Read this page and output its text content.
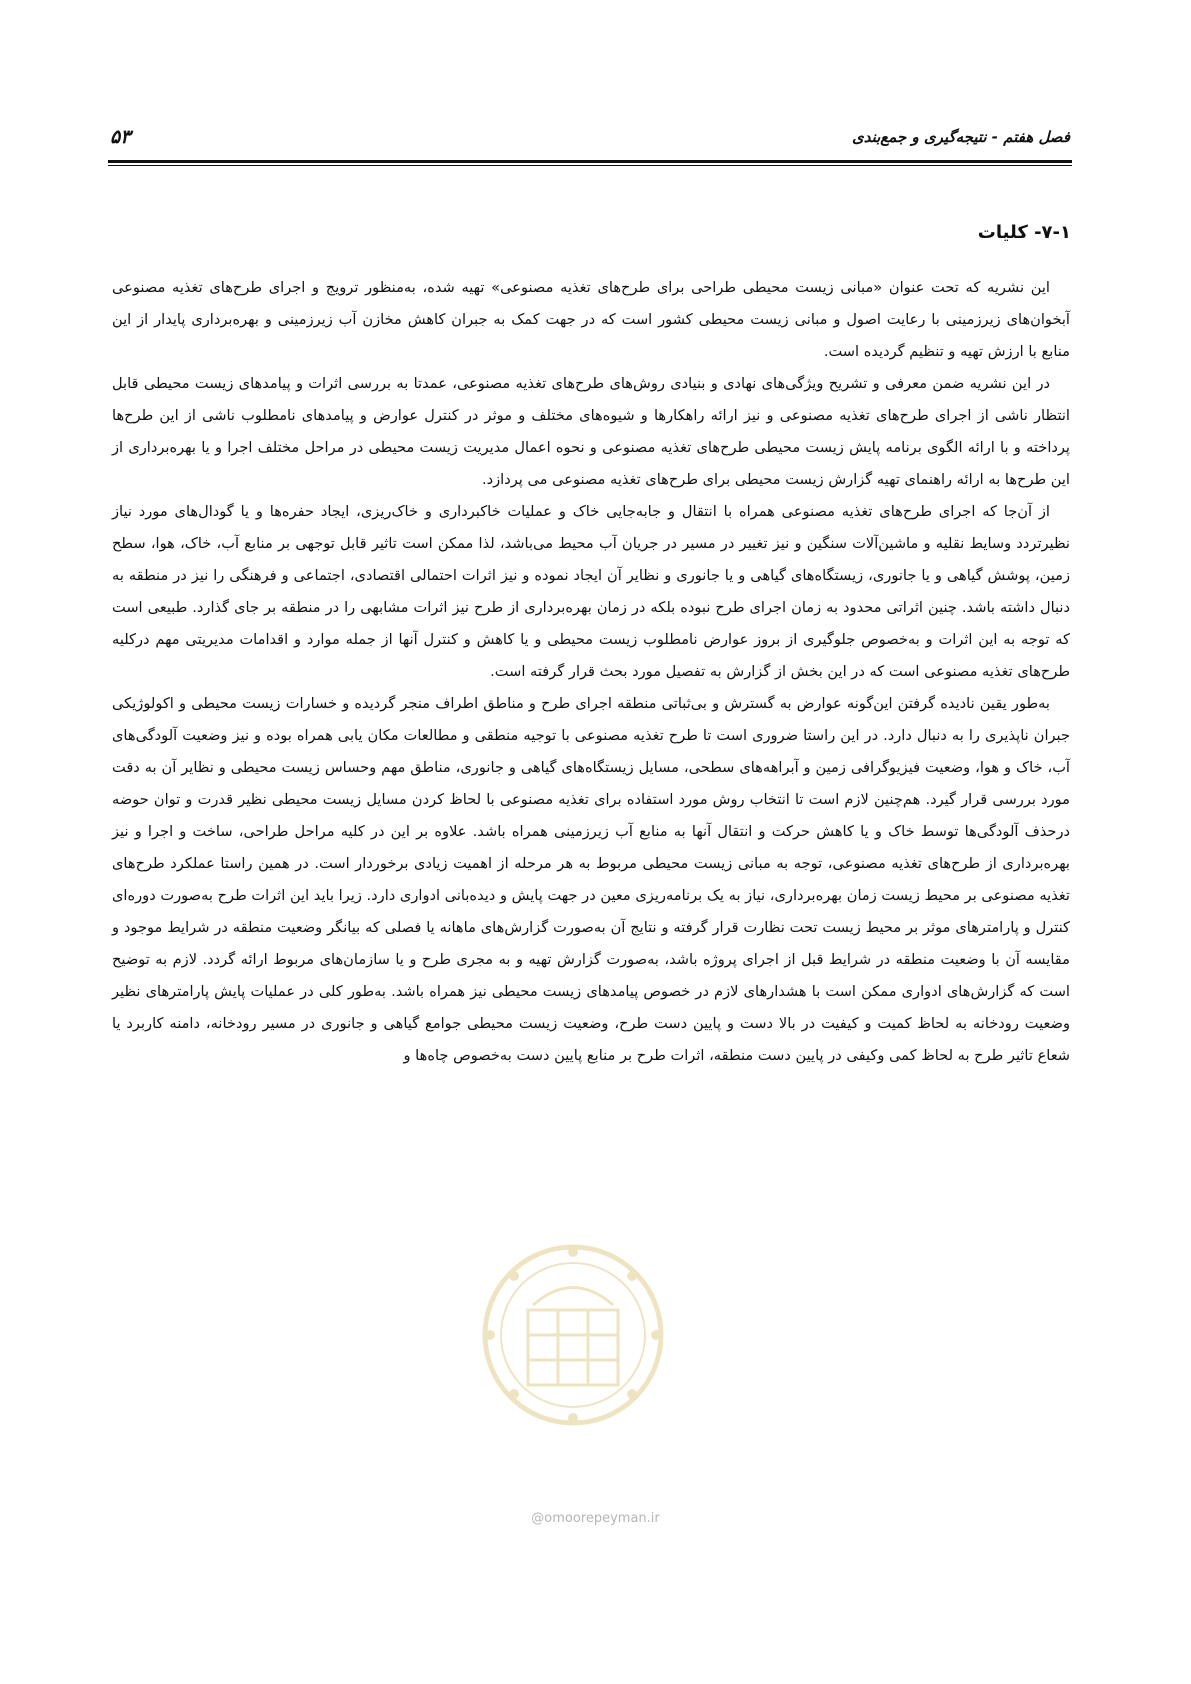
فصل هفتم - نتیجه‌گیری و جمع‌بندی
۵۳
۷-۱- کلیات

این نشریه که تحت عنوان «مبانی زیست محیطی طراحی برای طرح‌های تغذیه مصنوعی» تهیه شده، به‌منظور ترویج و اجرای طرح‌های تغذیه مصنوعی آبخوان‌های زیرزمینی با رعایت اصول و مبانی زیست محیطی کشور است که در جهت کمک به جبران کاهش مخازن آب زیرزمینی و بهره‌برداری پایدار از این منابع با ارزش تهیه و تنظیم گردیده است.

در این نشریه ضمن معرفی و تشریح ویژگی‌های نهادی و بنیادی روش‌های طرح‌های تغذیه مصنوعی، عمدتا به بررسی اثرات و پیامدهای زیست محیطی قابل انتظار ناشی از اجرای طرح‌های تغذیه مصنوعی و نیز ارائه راهکارها و شیوه‌های مختلف و موثر در کنترل عوارض و پیامدهای نامطلوب ناشی از این طرح‌ها پرداخته و با ارائه الگوی برنامه پایش زیست محیطی طرح‌های تغذیه مصنوعی و نحوه اعمال مدیریت زیست محیطی در مراحل مختلف اجرا و یا بهره‌برداری از این طرح‌ها به ارائه راهنمای تهیه گزارش زیست محیطی برای طرح‌های تغذیه مصنوعی می پردازد.

از آن‌جا که اجرای طرح‌های تغذیه مصنوعی همراه با انتقال و جابه‌جایی خاک و عملیات خاکبرداری و خاک‌ریزی، ایجاد حفره‌ها و یا گودال‌های مورد نیاز نظیرتردد وسایط نقلیه و ماشین‌آلات سنگین و نیز تغییر در مسیر در جریان آب محیط می‌باشد، لذا ممکن است تاثیر قابل توجهی بر منابع آب، خاک، هوا، سطح زمین، پوشش گیاهی و یا جانوری، زیستگاه‌های گیاهی و یا جانوری و نظایر آن ایجاد نموده و نیز اثرات احتمالی اقتصادی، اجتماعی و فرهنگی را نیز در منطقه به دنبال داشته باشد. چنین اثراتی محدود به زمان اجرای طرح نبوده بلکه در زمان بهره‌برداری از طرح نیز اثرات مشابهی را در منطقه بر جای گذارد. طبیعی است که توجه به این اثرات و به‌خصوص جلوگیری از بروز عوارض نامطلوب زیست محیطی و یا کاهش و کنترل آنها از جمله موارد و اقدامات مدیریتی مهم درکلیه طرح‌های تغذیه مصنوعی است که در این بخش از گزارش به تفصیل مورد بحث قرار گرفته است.

به‌طور یقین نادیده گرفتن این‌گونه عوارض به گسترش و بی‌ثباتی منطقه اجرای طرح و مناطق اطراف منجر گردیده و خسارات زیست محیطی و اکولوژیکی جبران ناپذیری را به دنبال دارد. در این راستا ضروری است تا طرح تغذیه مصنوعی با توجیه منطقی و مطالعات مکان یابی همراه بوده و نیز وضعیت آلودگی‌های آب، خاک و هوا، وضعیت فیزیوگرافی زمین و آبراهه‌های سطحی، مسایل زیستگاه‌های گیاهی و جانوری، مناطق مهم وحساس زیست محیطی و نظایر آن به دقت مورد بررسی قرار گیرد. هم‌چنین لازم است تا انتخاب روش مورد استفاده برای تغذیه مصنوعی با لحاظ کردن مسایل زیست محیطی نظیر قدرت و توان حوضه درحذف آلودگی‌ها توسط خاک و یا کاهش حرکت و انتقال آنها به منابع آب زیرزمینی همراه باشد. علاوه بر این در کلیه مراحل طراحی، ساخت و اجرا و نیز بهره‌برداری از طرح‌های تغذیه مصنوعی، توجه به مبانی زیست محیطی مربوط به هر مرحله از اهمیت زیادی برخوردار است. در همین راستا عملکرد طرح‌های تغذیه مصنوعی بر محیط زیست زمان بهره‌برداری، نیاز به یک برنامه‌ریزی معین در جهت پایش و دیده‌بانی ادواری دارد. زیرا باید این اثرات طرح به‌صورت دوره‌ای کنترل و پارامترهای موثر بر محیط زیست تحت نظارت قرار گرفته و نتایج آن به‌صورت گزارش‌های ماهانه یا فصلی که بیانگر وضعیت منطقه در شرایط موجود و مقایسه آن با وضعیت منطقه در شرایط قبل از اجرای پروژه باشد، به‌صورت گزارش تهیه و به مجری طرح و یا سازمان‌های مربوط ارائه گردد. لازم به توضیح است که گزارش‌های ادواری ممکن است با هشدارهای لازم در خصوص پیامدهای زیست محیطی نیز همراه باشد. به‌طور کلی در عملیات پایش پارامترهای نظیر وضعیت رودخانه به لحاظ کمیت و کیفیت در بالا دست و پایین دست طرح، وضعیت زیست محیطی جوامع گیاهی و جانوری در مسیر رودخانه، دامنه کاربرد یا شعاع تاثیر طرح به لحاظ کمی وکیفی در پایین دست منطقه، اثرات طرح بر منابع پایین دست به‌خصوص چاه‌ها و

@omoorepeyman.ir
